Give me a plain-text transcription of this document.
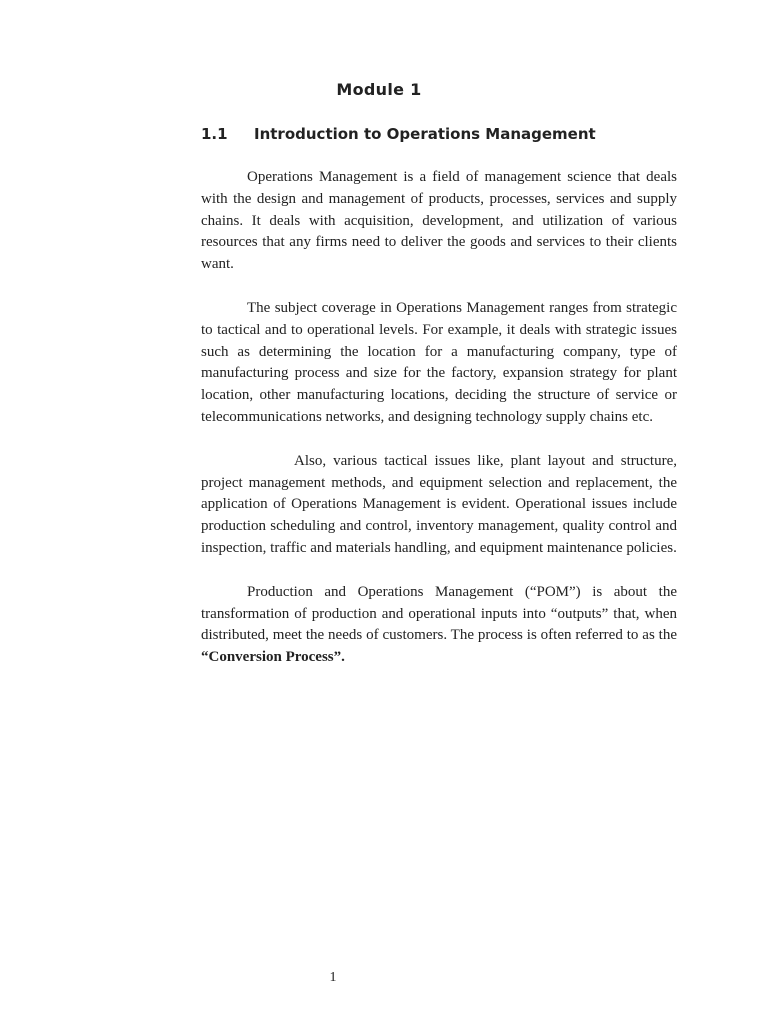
Module 1
1.1 Introduction to Operations Management

Operations Management is a field of management science that deals with the design and management of products, processes, services and supply chains. It deals with acquisition, development, and utilization of various resources that any firms need to deliver the goods and services to their clients want.

The subject coverage in Operations Management ranges from strategic to tactical and to operational levels. For example, it deals with strategic issues such as determining the location for a manufacturing company, type of manufacturing process and size for the factory, expansion strategy for plant location, other manufacturing locations, deciding the structure of service or telecommunications networks, and designing technology supply chains etc.

Also, various tactical issues like, plant layout and structure, project management methods, and equipment selection and replacement, the application of Operations Management is evident. Operational issues include production scheduling and control, inventory management, quality control and inspection, traffic and materials handling, and equipment maintenance policies.

Production and Operations Management (“POM”) is about the transformation of production and operational inputs into “outputs” that, when distributed, meet the needs of customers. The process is often referred to as the “Conversion Process”.

1
